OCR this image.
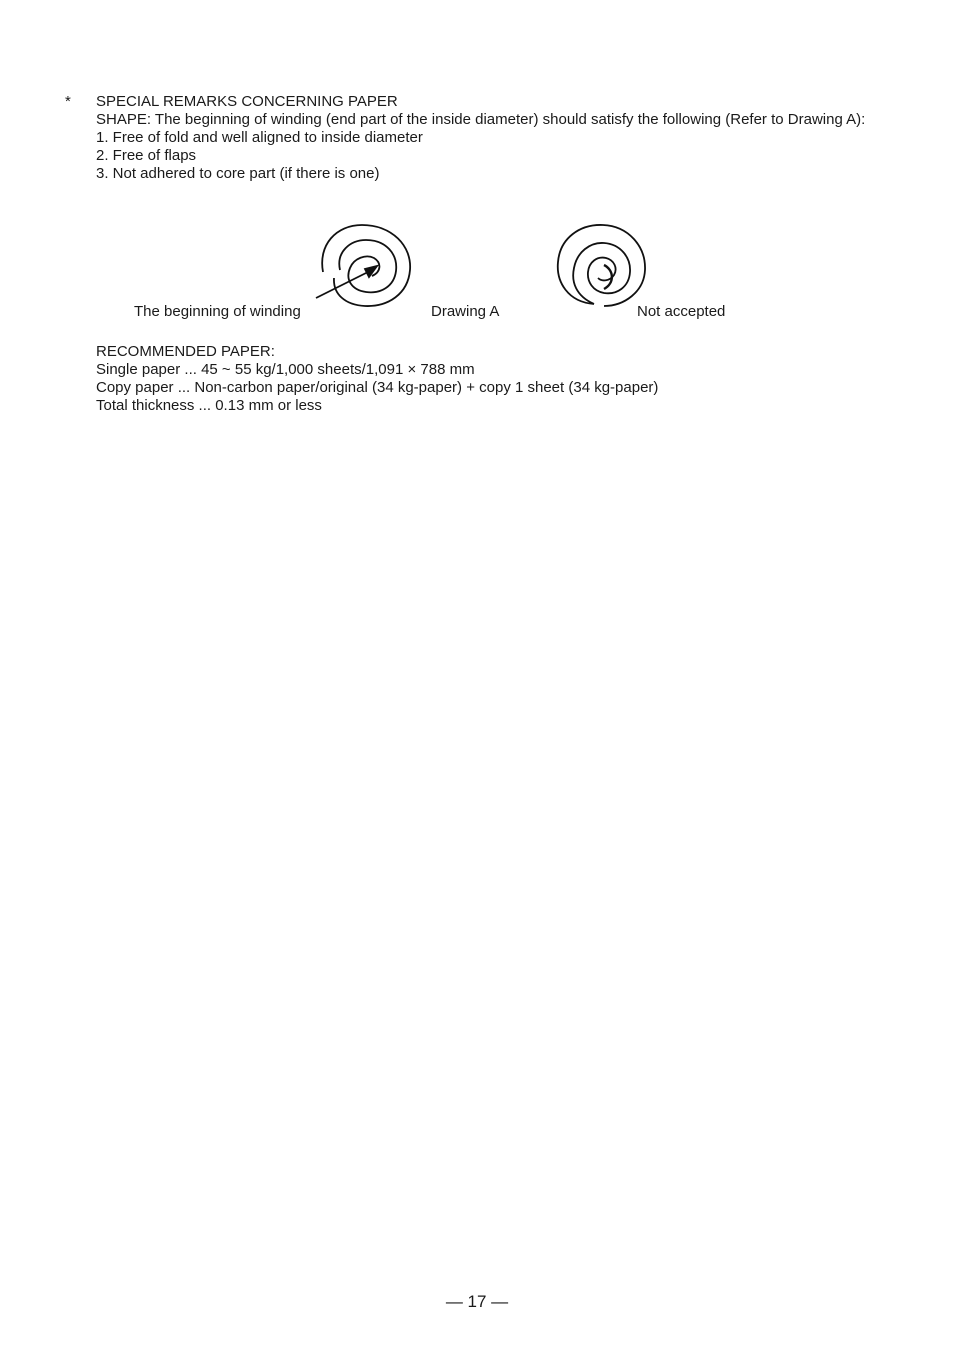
* SPECIAL REMARKS CONCERNING PAPER
SHAPE: The beginning of winding (end part of the inside diameter) should satisfy the following (Refer to Drawing A):
1. Free of fold and well aligned to inside diameter
2. Free of flaps
3. Not adhered to core part (if there is one)
The beginning of winding	Drawing A	Not accepted
RECOMMENDED PAPER:
Single paper ... 45 ~ 55 kg/1,000 sheets/1,091 × 788 mm
Copy paper ... Non-carbon paper/original (34 kg-paper) + copy 1 sheet (34 kg-paper)
Total thickness ... 0.13 mm or less
— 17 —
